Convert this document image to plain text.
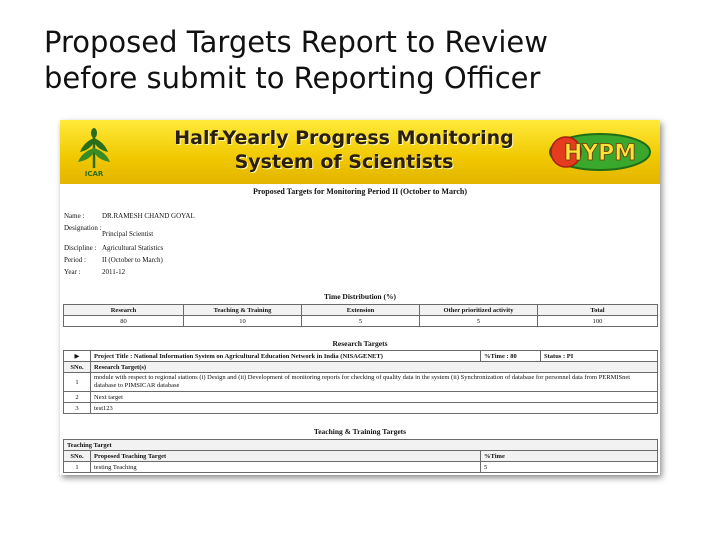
Proposed Targets Report to Review
before submit to Reporting Officer
ICAR
Half-Yearly Progress Monitoring
System of Scientists	HYPM
Proposed Targets for Monitoring Period II (October to March)
Name :	DR.RAMESH CHAND GOYAL
Designation :
Principal Scientist
Discipline : Agricultural Statistics
Period :	II (October to March)
Year :	2011-12
Time Distribution (%)
Research	Teaching & Training	Extension	Other prioritized activity	Total
80	10	5	5	100
Research Targets
▶	Project Title : National Information System on Agricultural Education Network in India (NISAGENET)	%Time : 80	Status : PI
SNo.	Research Target(s)		
1	module with respect to regional stations (i) Design and (ii) Development of monitoring reports for checking of quality data in the system (ii) Synchronization of database for personnel data from PERMISnet database to PIMSICAR database		
2	Next target		
3	test123		
Teaching & Training Targets
Teaching Target		
SNo.	Proposed Teaching Target	%Time
1	testing Teaching	5
